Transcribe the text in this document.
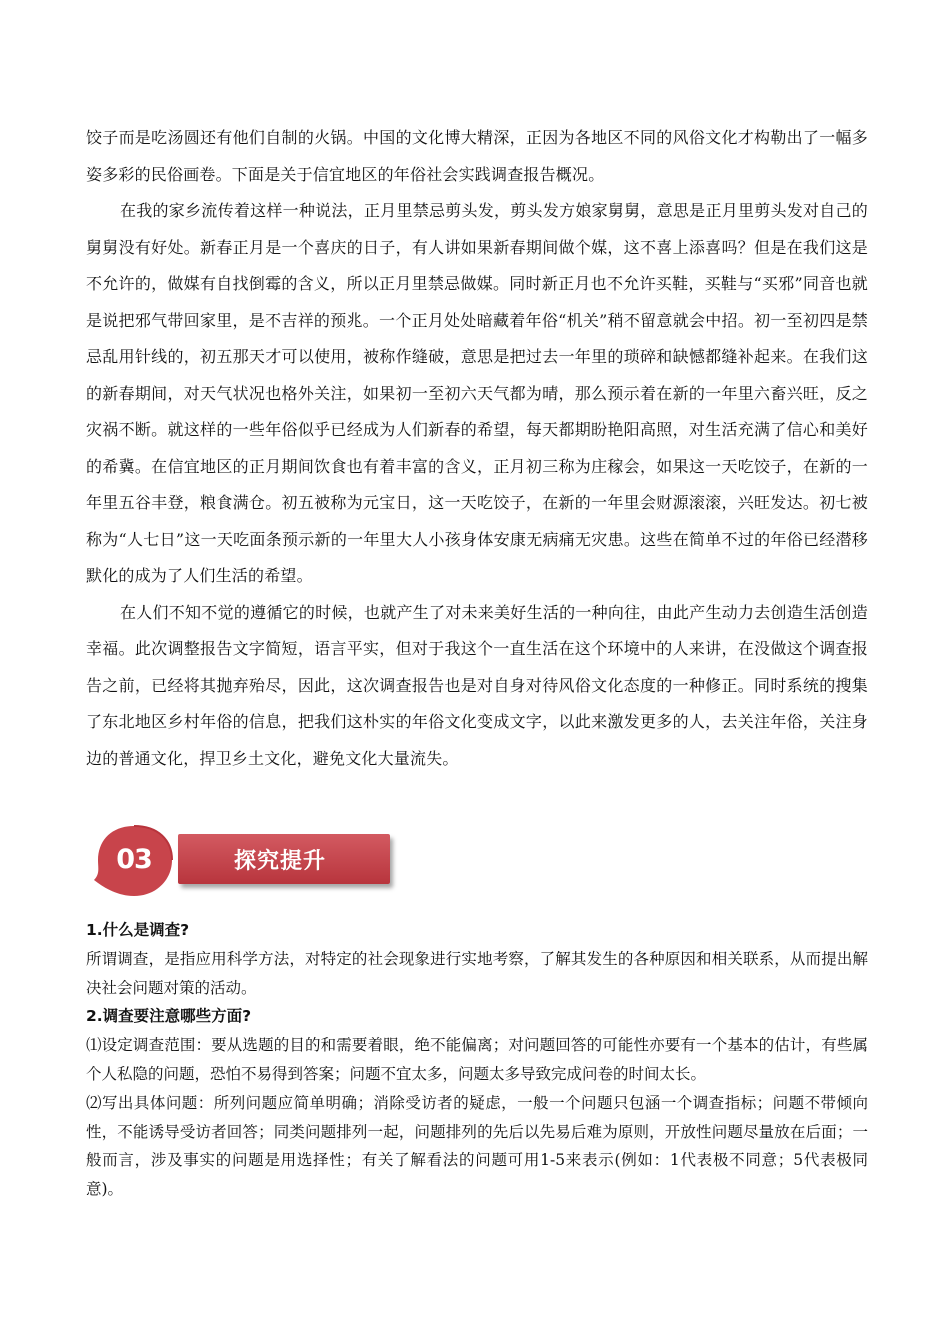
饺子而是吃汤圆还有他们自制的火锅。中国的文化博大精深，正因为各地区不同的风俗文化才构勒出了一幅多姿多彩的民俗画卷。下面是关于信宜地区的年俗社会实践调查报告概况。

在我的家乡流传着这样一种说法，正月里禁忌剪头发，剪头发方娘家舅舅，意思是正月里剪头发对自己的舅舅没有好处。新春正月是一个喜庆的日子，有人讲如果新春期间做个媒，这不喜上添喜吗？但是在我们这是不允许的，做媒有自找倒霉的含义，所以正月里禁忌做媒。同时新正月也不允许买鞋，买鞋与“买邪”同音也就是说把邪气带回家里，是不吉祥的预兆。一个正月处处暗藏着年俗“机关”稍不留意就会中招。初一至初四是禁忌乱用针线的，初五那天才可以使用，被称作缝破，意思是把过去一年里的琐碎和缺憾都缝补起来。在我们这的新春期间，对天气状况也格外关注，如果初一至初六天气都为晴，那么预示着在新的一年里六畜兴旺，反之灾祸不断。就这样的一些年俗似乎已经成为人们新春的希望，每天都期盼艳阳高照，对生活充满了信心和美好的希冀。在信宜地区的正月期间饮食也有着丰富的含义，正月初三称为庄稼会，如果这一天吃饺子，在新的一年里五谷丰登，粮食满仓。初五被称为元宝日，这一天吃饺子，在新的一年里会财源滚滚，兴旺发达。初七被称为“人七日”这一天吃面条预示新的一年里大人小孩身体安康无病痛无灾患。这些在简单不过的年俗已经潜移默化的成为了人们生活的希望。

在人们不知不觉的遵循它的时候，也就产生了对未来美好生活的一种向往，由此产生动力去创造生活创造幸福。此次调整报告文字简短，语言平实，但对于我这个一直生活在这个环境中的人来讲，在没做这个调查报告之前，已经将其抛弃殆尽，因此，这次调查报告也是对自身对待风俗文化态度的一种修正。同时系统的搜集了东北地区乡村年俗的信息，把我们这朴实的年俗文化变成文字，以此来激发更多的人，去关注年俗，关注身边的普通文化，捍卫乡土文化，避免文化大量流失。

03	探究提升

1.什么是调查?

所谓调查，是指应用科学方法，对特定的社会现象进行实地考察，了解其发生的各种原因和相关联系，从而提出解决社会问题对策的活动。

2.调查要注意哪些方面?

⑴设定调查范围：要从选题的目的和需要着眼，绝不能偏离；对问题回答的可能性亦要有一个基本的估计，有些属个人私隐的问题，恐怕不易得到答案；问题不宜太多，问题太多导致完成问卷的时间太长。

⑵写出具体问题：所列问题应简单明确；消除受访者的疑虑，一般一个问题只包涵一个调查指标；问题不带倾向性，不能诱导受访者回答；同类问题排列一起，问题排列的先后以先易后难为原则，开放性问题尽量放在后面；一般而言，涉及事实的问题是用选择性；有关了解看法的问题可用1-5来表示(例如：1代表极不同意；5代表极同意)。
